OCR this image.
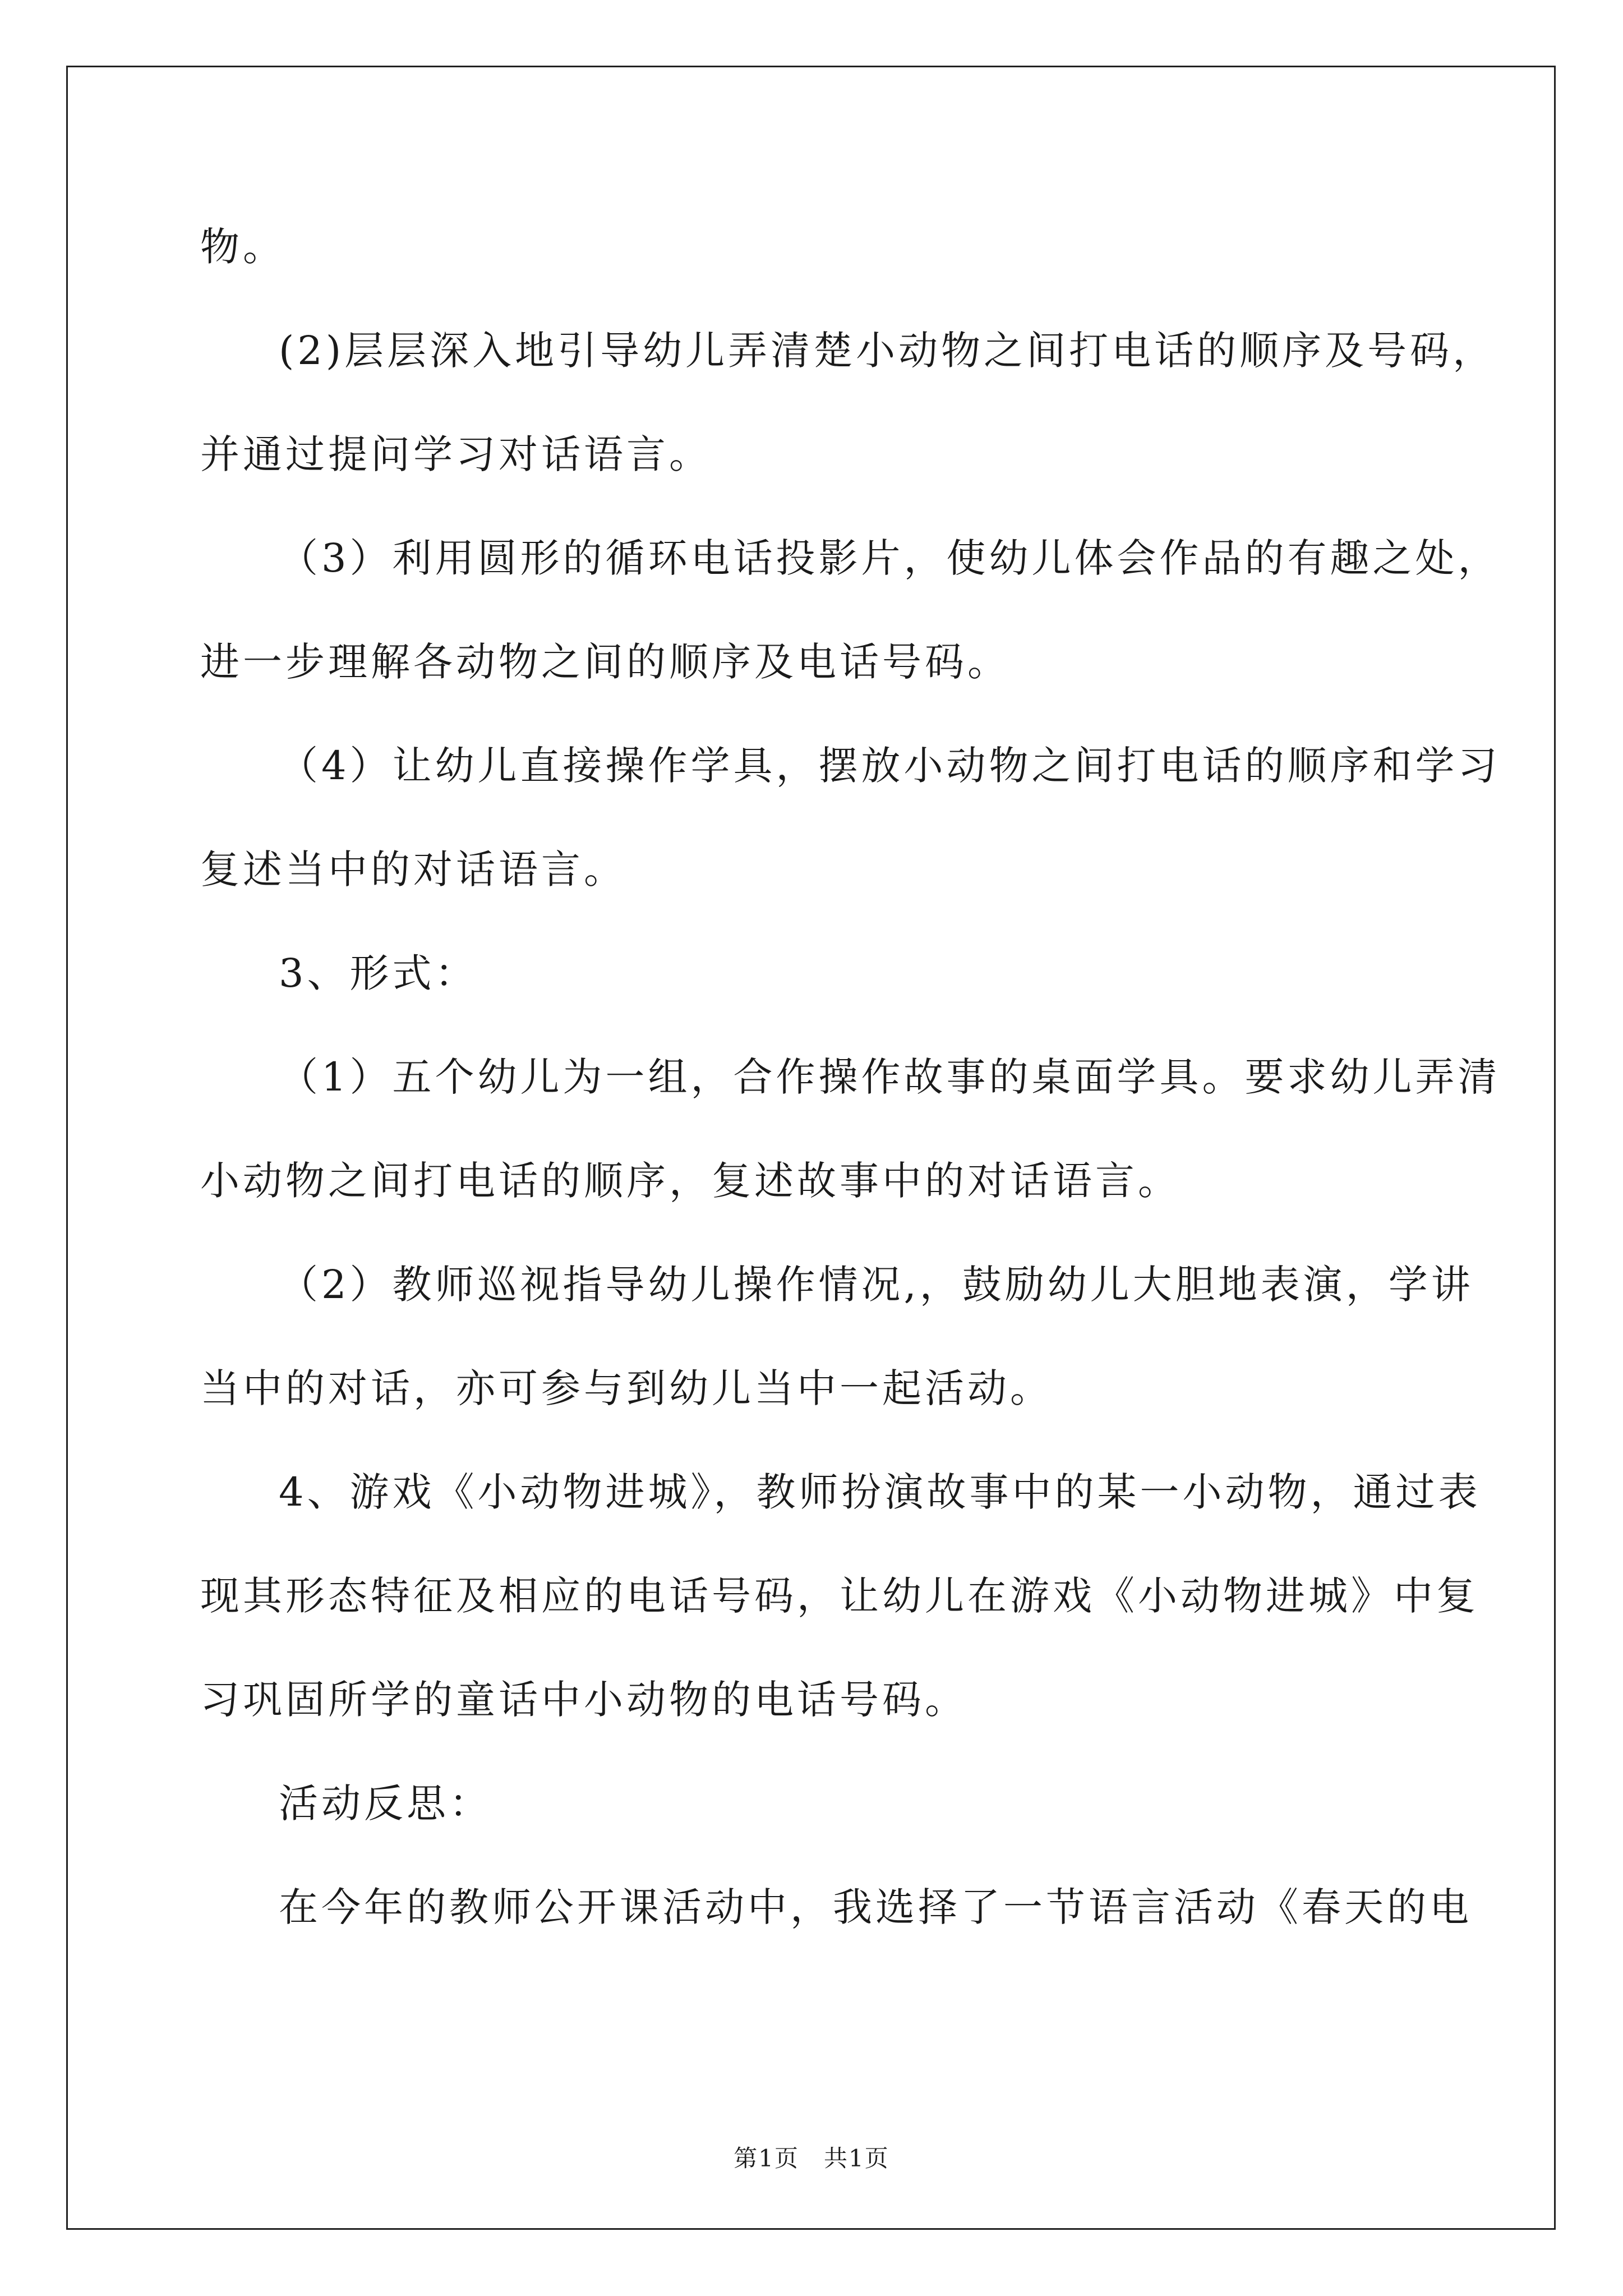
物。
(2)层层深入地引导幼儿弄清楚小动物之间打电话的顺序及号码，
并通过提问学习对话语言。
（3）利用圆形的循环电话投影片，使幼儿体会作品的有趣之处，
进一步理解各动物之间的顺序及电话号码。
（4）让幼儿直接操作学具，摆放小动物之间打电话的顺序和学习
复述当中的对话语言。
3、形式：
（1）五个幼儿为一组，合作操作故事的桌面学具。要求幼儿弄清
小动物之间打电话的顺序，复述故事中的对话语言。
（2）教师巡视指导幼儿操作情况,，鼓励幼儿大胆地表演，学讲
当中的对话，亦可参与到幼儿当中一起活动。
4、游戏《小动物进城》，教师扮演故事中的某一小动物，通过表
现其形态特征及相应的电话号码，让幼儿在游戏《小动物进城》中复
习巩固所学的童话中小动物的电话号码。
活动反思：
在今年的教师公开课活动中，我选择了一节语言活动《春天的电
第1页　共1页
